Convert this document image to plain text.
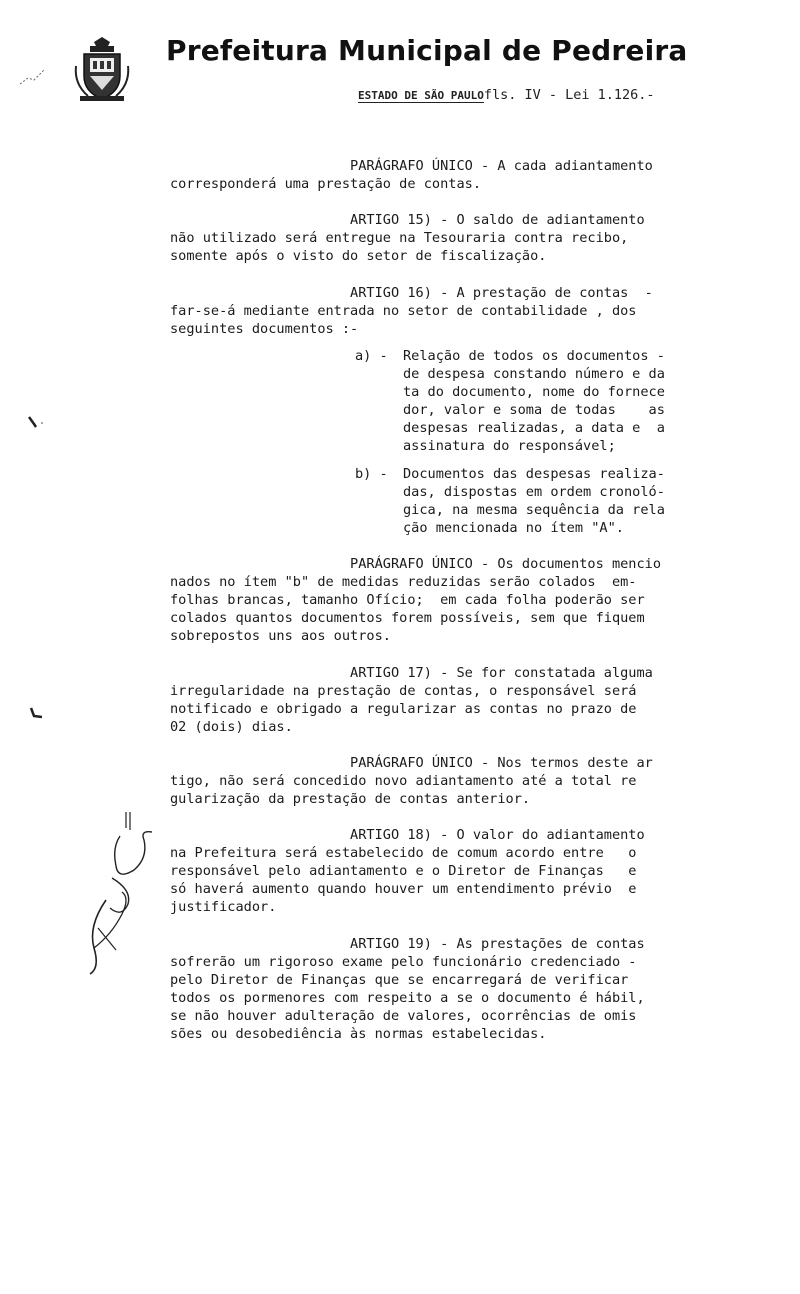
Prefeitura Municipal de Pedreira
ESTADO DE SÃO PAULOfls. IV - Lei 1.126.-
PARÁGRAFO ÚNICO - A cada adiantamento
corresponderá uma prestação de contas.
ARTIGO 15) - O saldo de adiantamento
não utilizado será entregue na Tesouraria contra recibo,
somente após o visto do setor de fiscalização.
ARTIGO 16) - A prestação de contas  -
far-se-á mediante entrada no setor de contabilidade , dos
seguintes documentos :-
a) - Relação de todos os documentos -
de despesa constando número e da
ta do documento, nome do fornece
dor, valor e soma de todas    as
despesas realizadas, a data e  a
assinatura do responsável;
b) - Documentos das despesas realiza-
das, dispostas em ordem cronoló-
gica, na mesma sequência da rela
ção mencionada no ítem "A".
PARÁGRAFO ÚNICO - Os documentos mencio
nados no ítem "b" de medidas reduzidas serão colados  em-
folhas brancas, tamanho Ofício;  em cada folha poderão ser
colados quantos documentos forem possíveis, sem que fiquem
sobrepostos uns aos outros.
ARTIGO 17) - Se for constatada alguma
irregularidade na prestação de contas, o responsável será
notificado e obrigado a regularizar as contas no prazo de
02 (dois) dias.
PARÁGRAFO ÚNICO - Nos termos deste ar
tigo, não será concedido novo adiantamento até a total re
gularização da prestação de contas anterior.
ARTIGO 18) - O valor do adiantamento
na Prefeitura será estabelecido de comum acordo entre   o
responsável pelo adiantamento e o Diretor de Finanças   e
só haverá aumento quando houver um entendimento prévio  e
justificador.
ARTIGO 19) - As prestações de contas
sofrerão um rigoroso exame pelo funcionário credenciado -
pelo Diretor de Finanças que se encarregará de verificar
todos os pormenores com respeito a se o documento é hábil,
se não houver adulteração de valores, ocorrências de omis
sões ou desobediência às normas estabelecidas.
